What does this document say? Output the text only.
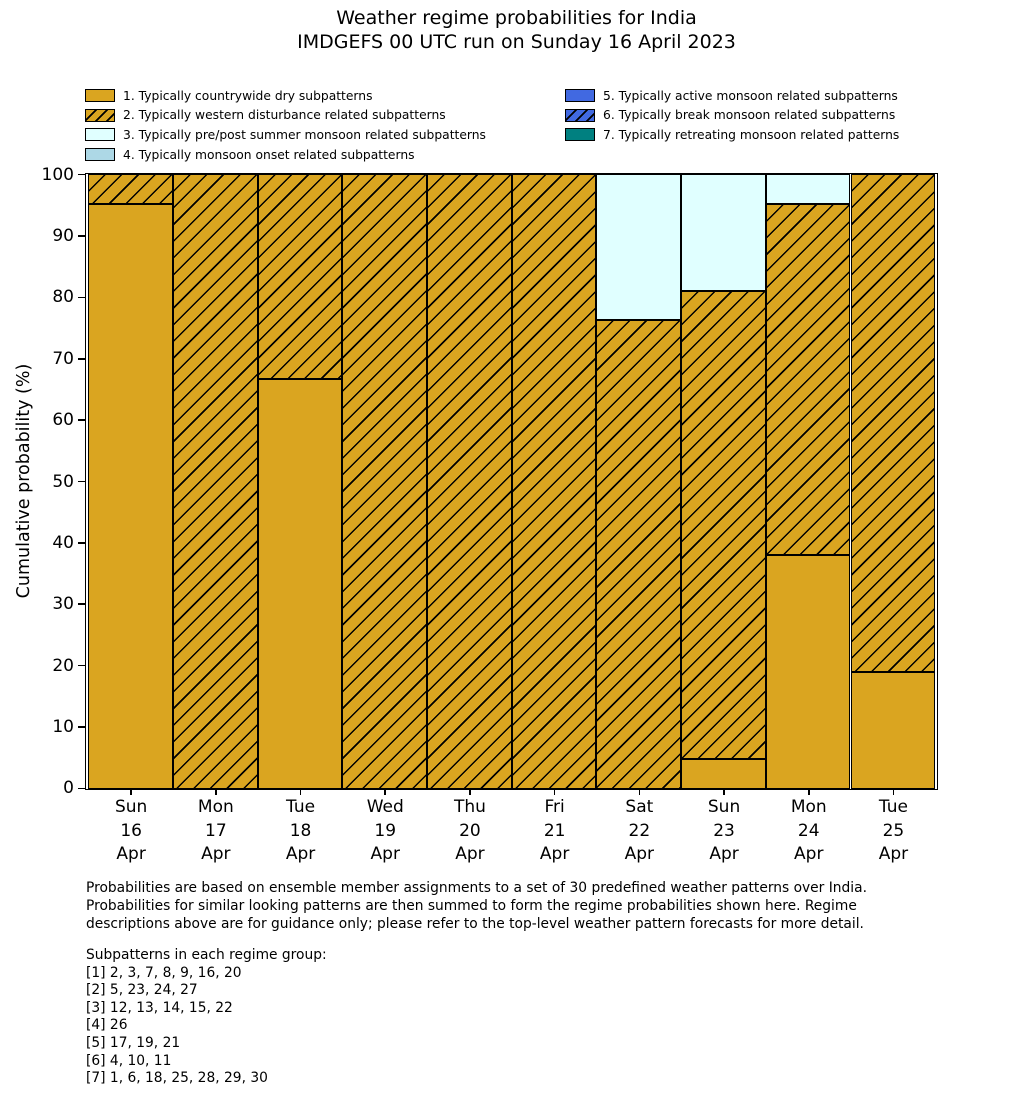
Weather regime probabilities for India
IMDGEFS 00 UTC run on Sunday 16 April 2023
1. Typically countrywide dry subpatterns
2. Typically western disturbance related subpatterns
3. Typically pre/post summer monsoon related subpatterns
4. Typically monsoon onset related subpatterns
5. Typically active monsoon related subpatterns
6. Typically break monsoon related subpatterns
7. Typically retreating monsoon related patterns
Cumulative probability (%)
0
10
20
30
40
50
60
70
80
90
100
Sun
16
Apr
Mon
17
Apr
Tue
18
Apr
Wed
19
Apr
Thu
20
Apr
Fri
21
Apr
Sat
22
Apr
Sun
23
Apr
Mon
24
Apr
Tue
25
Apr
Probabilities are based on ensemble member assignments to a set of 30 predefined weather patterns over India.
Probabilities for similar looking patterns are then summed to form the regime probabilities shown here. Regime
descriptions above are for guidance only; please refer to the top-level weather pattern forecasts for more detail.
Subpatterns in each regime group:
[1] 2, 3, 7, 8, 9, 16, 20
[2] 5, 23, 24, 27
[3] 12, 13, 14, 15, 22
[4] 26
[5] 17, 19, 21
[6] 4, 10, 11
[7] 1, 6, 18, 25, 28, 29, 30
